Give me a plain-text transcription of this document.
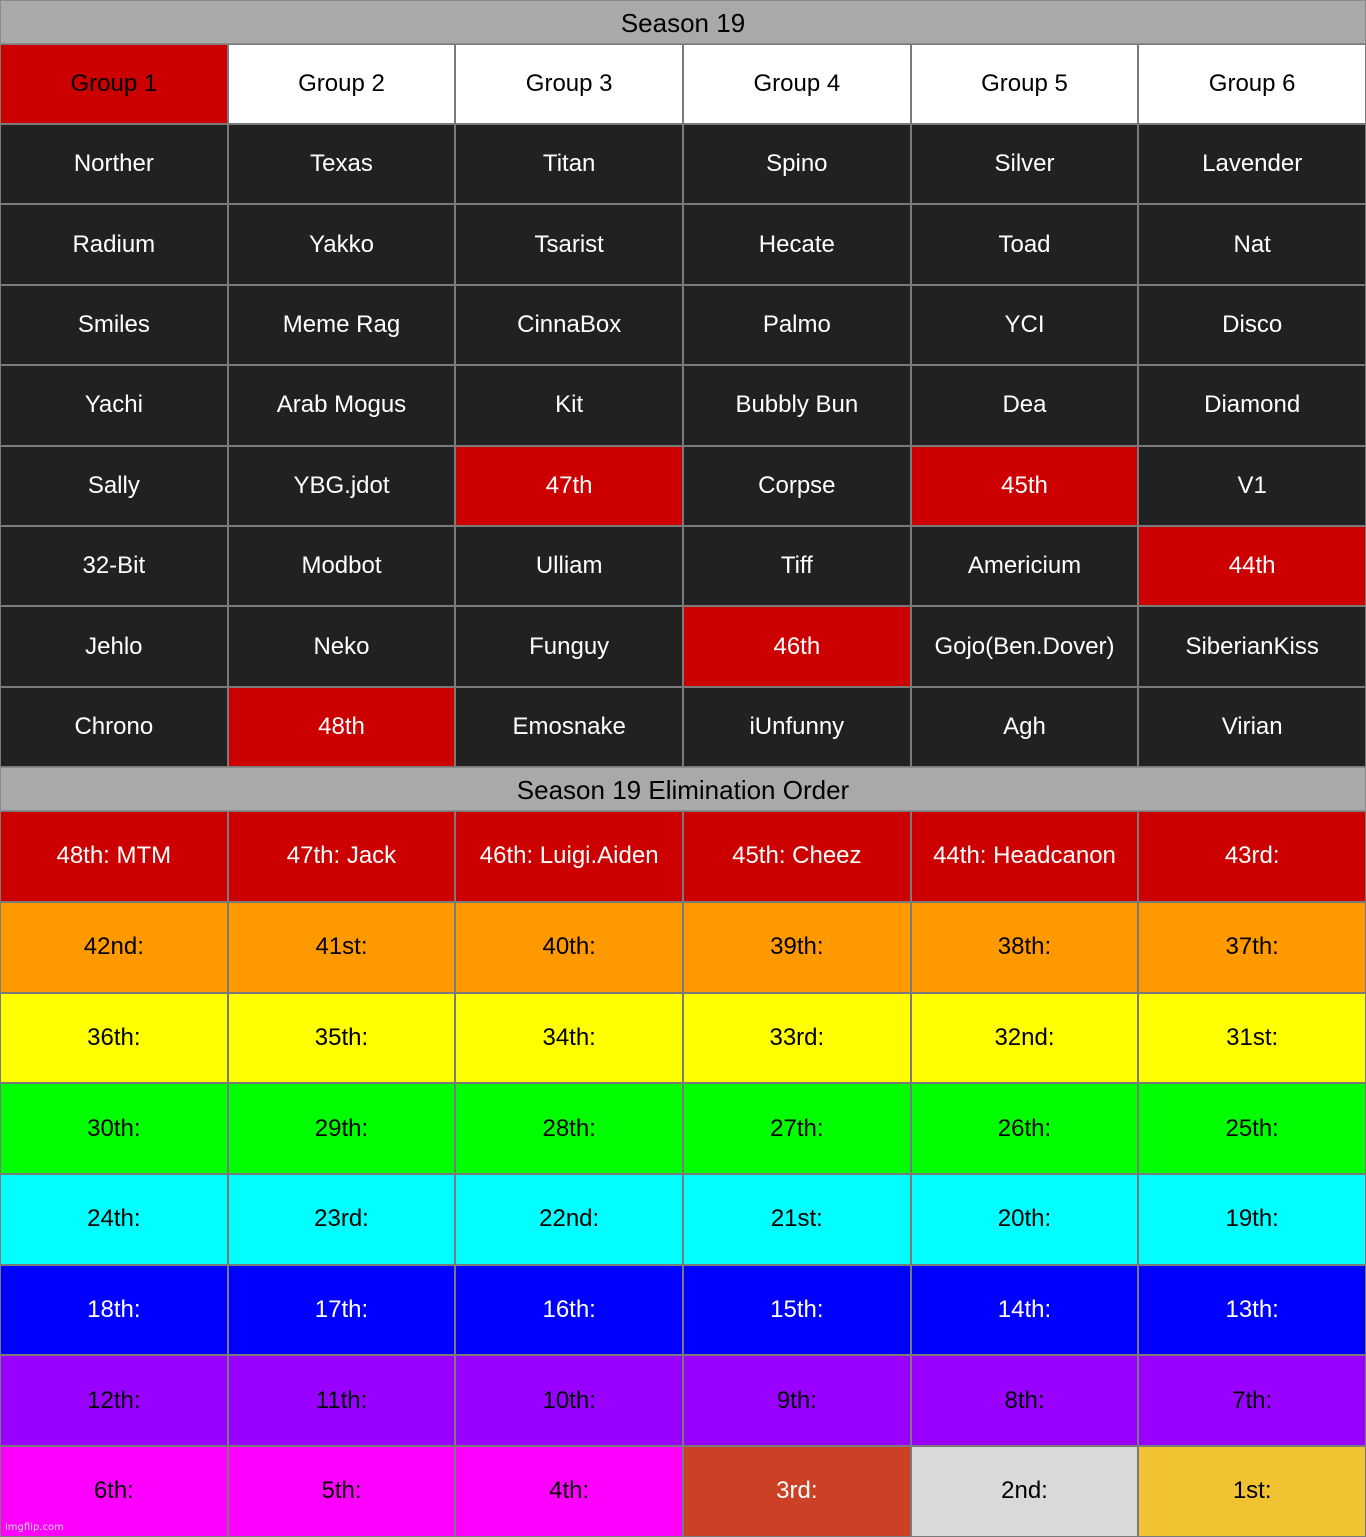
Season 19
Group 1	Group 2	Group 3	Group 4	Group 5	Group 6
Norther	Texas	Titan	Spino	Silver	Lavender
Radium	Yakko	Tsarist	Hecate	Toad	Nat
Smiles	Meme Rag	CinnaBox	Palmo	YCI	Disco
Yachi	Arab Mogus	Kit	Bubbly Bun	Dea	Diamond
Sally	YBG.jdot	47th	Corpse	45th	V1
32-Bit	Modbot	Ulliam	Tiff	Americium	44th
Jehlo	Neko	Funguy	46th	Gojo(Ben.Dover)	SiberianKiss
Chrono	48th	Emosnake	iUnfunny	Agh	Virian
Season 19 Elimination Order
48th: MTM	47th: Jack	46th: Luigi.Aiden	45th: Cheez	44th: Headcanon	43rd:
42nd:	41st:	40th:	39th:	38th:	37th:
36th:	35th:	34th:	33rd:	32nd:	31st:
30th:	29th:	28th:	27th:	26th:	25th:
24th:	23rd:	22nd:	21st:	20th:	19th:
18th:	17th:	16th:	15th:	14th:	13th:
12th:	11th:	10th:	9th:	8th:	7th:
6th:	5th:	4th:	3rd:	2nd:	1st:
imgflip.com
